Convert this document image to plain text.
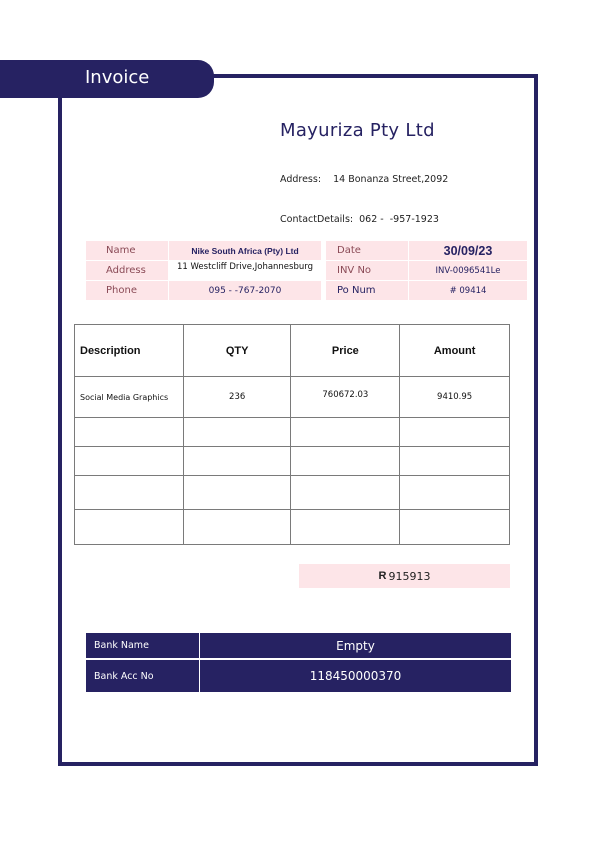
Invoice
Mayuriza Pty Ltd
Address:    14 Bonanza Street,2092
ContactDetails:  062 -  -957-1923
Name	Nike South Africa (Pty) Ltd
Address	11 Westcliff Drive,Johannesburg
Phone	095 - -767-2070
Date	30/09/23
INV No	INV-0096541Le
Po Num	# 09414
Description	QTY	Price	Amount
Social Media Graphics	236	760672.03	9410.95

R 915913
Bank Name	Empty
Bank Acc No	118450000370
